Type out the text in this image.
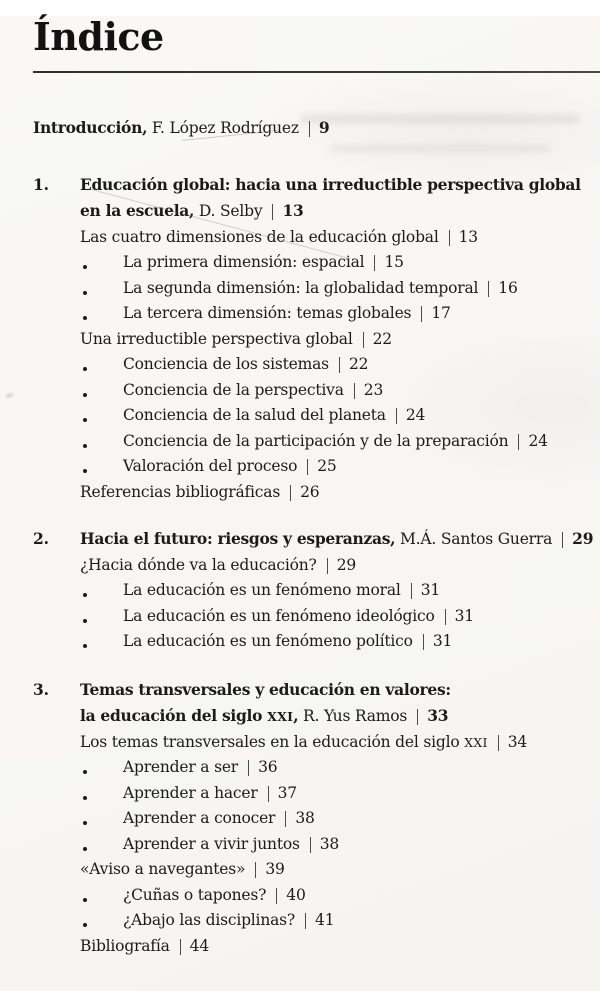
Índice
Introducción, F. López Rodríguez | 9
1.	Educación global: hacia una irreductible perspectiva global
en la escuela, D. Selby | 13
Las cuatro dimensiones de la educación global | 13
La primera dimensión: espacial | 15
La segunda dimensión: la globalidad temporal | 16
La tercera dimensión: temas globales | 17
Una irreductible perspectiva global | 22
Conciencia de los sistemas | 22
Conciencia de la perspectiva | 23
Conciencia de la salud del planeta | 24
Conciencia de la participación y de la preparación | 24
Valoración del proceso | 25
Referencias bibliográficas | 26
2.	Hacia el futuro: riesgos y esperanzas, M.Á. Santos Guerra | 29
¿Hacia dónde va la educación? | 29
La educación es un fenómeno moral | 31
La educación es un fenómeno ideológico | 31
La educación es un fenómeno político | 31
3.	Temas transversales y educación en valores:
la educación del siglo XXI, R. Yus Ramos | 33
Los temas transversales en la educación del siglo XXI | 34
Aprender a ser | 36
Aprender a hacer | 37
Aprender a conocer | 38
Aprender a vivir juntos | 38
«Aviso a navegantes» | 39
¿Cuñas o tapones? | 40
¿Abajo las disciplinas? | 41
Bibliografía | 44
